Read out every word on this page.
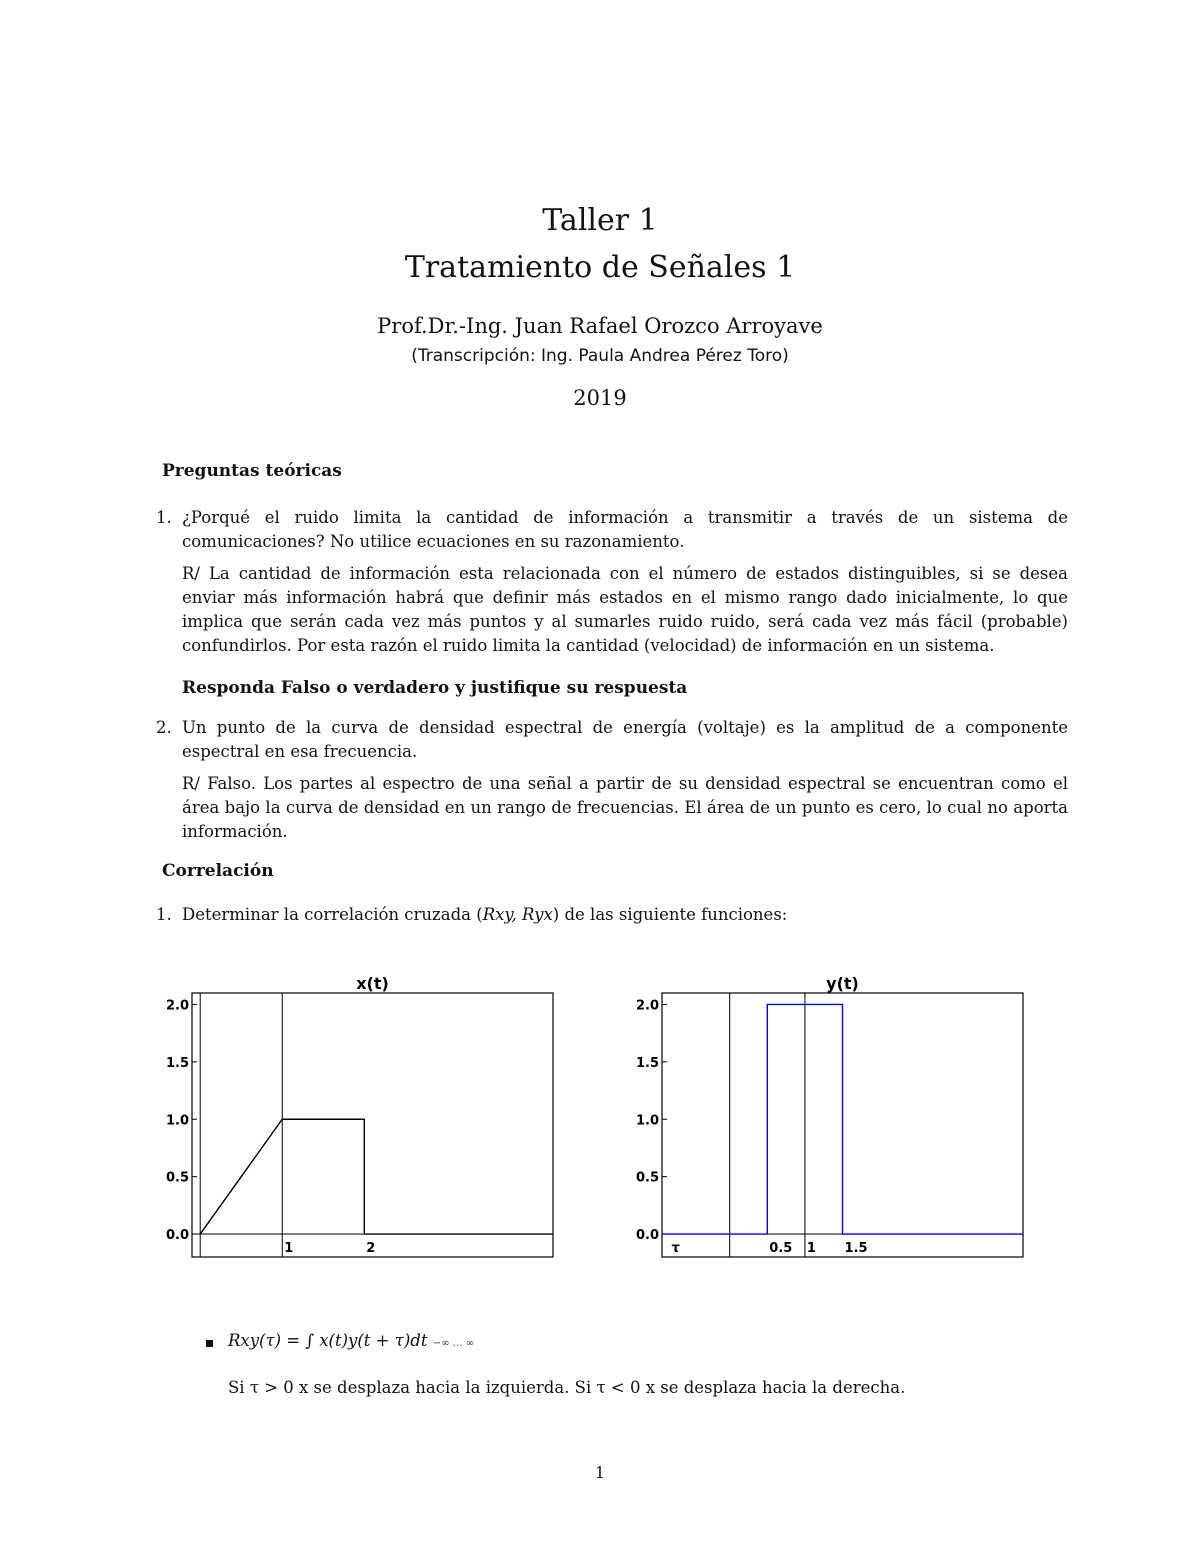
Taller 1
Tratamiento de Señales 1
Prof.Dr.-Ing. Juan Rafael Orozco Arroyave
(Transcripción: Ing. Paula Andrea Pérez Toro)
2019
Preguntas teóricas
1. ¿Porqué el ruido limita la cantidad de información a transmitir a través de un sistema de comunicaciones? No utilice ecuaciones en su razonamiento.

R/ La cantidad de información esta relacionada con el número de estados distinguibles, si se desea enviar más información habrá que definir más estados en el mismo rango dado inicialmente, lo que implica que serán cada vez más puntos y al sumarles ruido ruido, será cada vez más fácil (probable) confundirlos. Por esta razón el ruido limita la cantidad (velocidad) de información en un sistema.

Responda Falso o verdadero y justifique su respuesta
2. Un punto de la curva de densidad espectral de energía (voltaje) es la amplitud de a componente espectral en esa frecuencia.

R/ Falso. Los partes al espectro de una señal a partir de su densidad espectral se encuentran como el área bajo la curva de densidad en un rango de frecuencias. El área de un punto es cero, lo cual no aporta información.

Correlación
1. Determinar la correlación cruzada (Rxy, Ryx) de las siguiente funciones:
x(t)
0.0
0.5
1.0
1.5
2.0
1	2
y(t)
0.0
0.5
1.0
1.5
2.0
τ	0.5 1 1.5
Rxy(τ) = ∫ x(t)y(t + τ)dt −∞ … ∞
Si τ > 0 x se desplaza hacia la izquierda. Si τ < 0 x se desplaza hacia la derecha.
1
